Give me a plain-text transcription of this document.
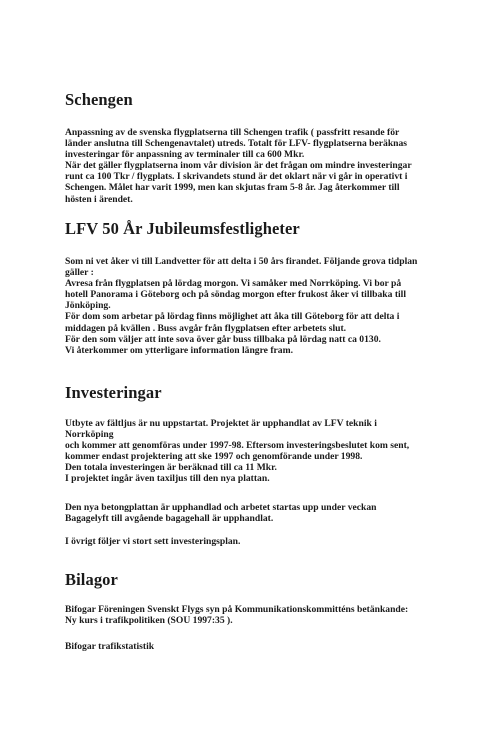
Schengen
Anpassning av de svenska flygplatserna till Schengen trafik ( passfritt resande för
länder anslutna till Schengenavtalet) utreds. Totalt för LFV- flygplatserna beräknas
investeringar för anpassning av terminaler till ca 600 Mkr.
När det gäller flygplatserna inom vår division är det frågan om mindre investeringar
runt ca 100 Tkr / flygplats. I skrivandets stund är det oklart när vi går in operativt i
Schengen. Målet har varit 1999, men kan skjutas fram 5-8 år. Jag återkommer till
hösten i ärendet.
LFV 50 År Jubileumsfestligheter
Som ni vet åker vi till Landvetter för att delta i 50 års firandet. Följande grova tidplan
gäller :
Avresa från flygplatsen på lördag morgon. Vi samåker med Norrköping. Vi bor på
hotell Panorama i Göteborg och på söndag morgon efter frukost åker vi tillbaka till
Jönköping.
För dom som arbetar på lördag finns möjlighet att åka till Göteborg för att delta i
middagen på kvällen . Buss avgår från flygplatsen efter arbetets slut.
För den som väljer att inte sova över går buss tillbaka på lördag natt ca 0130.
Vi återkommer om ytterligare information längre fram.
Investeringar
Utbyte av fältljus är nu uppstartat. Projektet är upphandlat av LFV teknik i
Norrköping
och kommer att genomföras under 1997-98. Eftersom investeringsbeslutet kom sent,
kommer endast projektering att ske 1997 och genomförande under 1998.
Den totala investeringen är beräknad till ca 11 Mkr.
I projektet ingår även taxiljus till den nya plattan.
Den nya betongplattan är upphandlad och arbetet startas upp under veckan
Bagagelyft till avgående bagagehall är upphandlat.
I övrigt följer vi stort sett investeringsplan.
Bilagor
Bifogar Föreningen Svenskt Flygs syn på Kommunikationskommitténs betänkande:
Ny kurs i trafikpolitiken (SOU 1997:35 ).
Bifogar trafikstatistik
